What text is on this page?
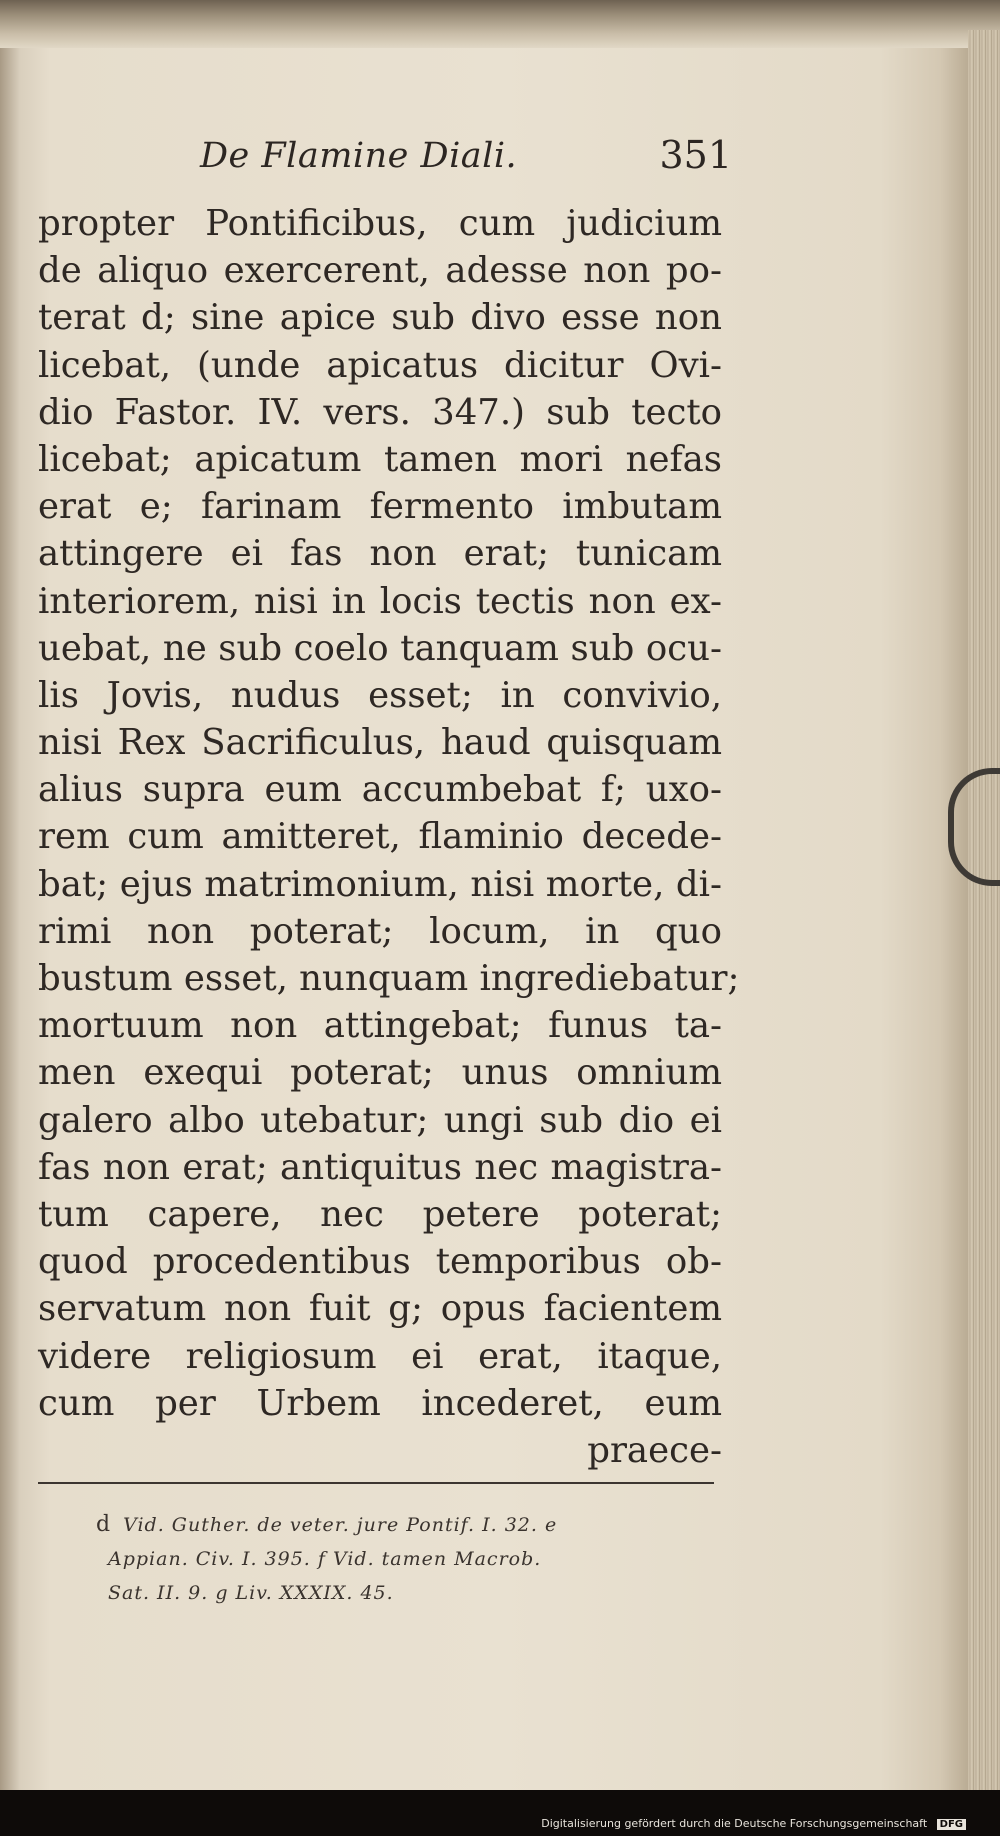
De Flamine Diali.	351
propter Pontificibus, cum judicium
de aliquo exercerent, adesse non po-
terat d; sine apice sub divo esse non
licebat, (unde apicatus dicitur Ovi-
dio Fastor. IV. vers. 347.) sub tecto
licebat; apicatum tamen mori nefas
erat e; farinam fermento imbutam
attingere ei fas non erat; tunicam
interiorem, nisi in locis tectis non ex-
uebat, ne sub coelo tanquam sub ocu-
lis Jovis, nudus esset; in convivio,
nisi Rex Sacrificulus, haud quisquam
alius supra eum accumbebat f; uxo-
rem cum amitteret, flaminio decede-
bat; ejus matrimonium, nisi morte, di-
rimi non poterat; locum, in quo
bustum esset, nunquam ingrediebatur;
mortuum non attingebat; funus ta-
men exequi poterat; unus omnium
galero albo utebatur; ungi sub dio ei
fas non erat; antiquitus nec magistra-
tum capere, nec petere poterat;
quod procedentibus temporibus ob-
servatum non fuit g; opus facientem
videre religiosum ei erat, itaque,
cum per Urbem incederet, eum
praece-
d Vid. Guther. de veter. jure Pontif. I. 32. e
Appian. Civ. I. 395. f Vid. tamen Macrob.
Sat. II. 9. g Liv. XXXIX. 45.
Digitalisierung gefördert durch die Deutsche Forschungsgemeinschaft DFG
